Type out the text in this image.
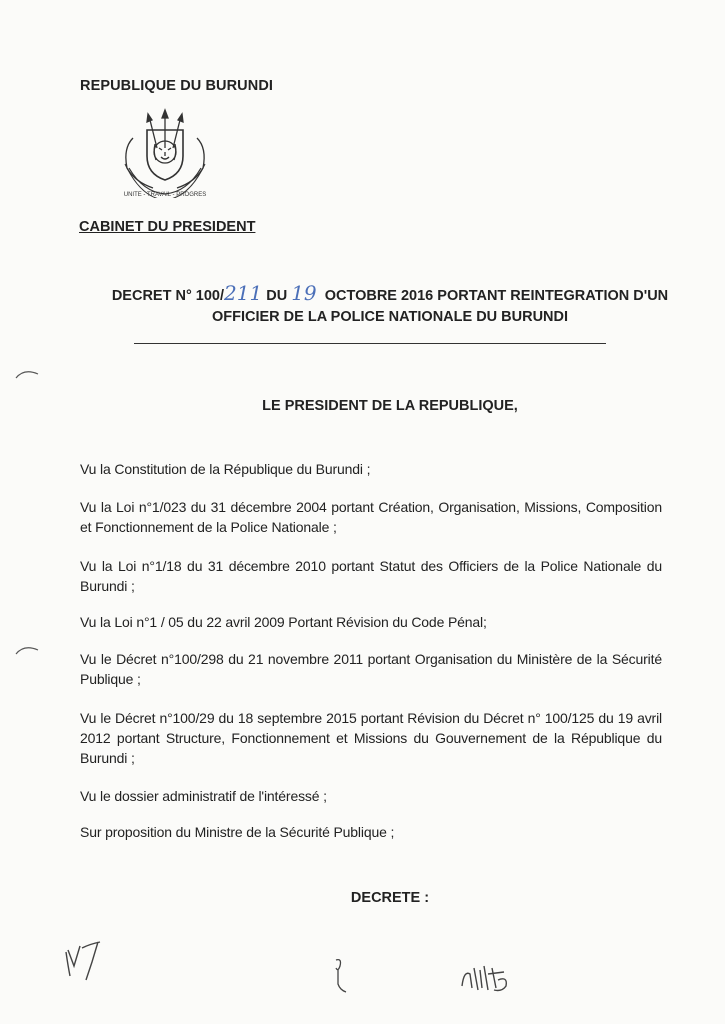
REPUBLIQUE DU BURUNDI
UNITE - TRAVAIL - PROGRES
CABINET DU PRESIDENT
DECRET N° 100/211 DU 19 OCTOBRE 2016 PORTANT REINTEGRATION D'UN
OFFICIER DE LA POLICE NATIONALE DU BURUNDI
LE PRESIDENT DE LA REPUBLIQUE,
Vu la Constitution de la République du Burundi ;
Vu la Loi n°1/023 du 31 décembre 2004 portant Création, Organisation, Missions, Composition et Fonctionnement de la Police Nationale ;
Vu la Loi n°1/18 du 31 décembre 2010 portant Statut des Officiers de la Police Nationale du Burundi ;
Vu la Loi n°1 / 05 du 22 avril 2009 Portant Révision du Code Pénal;
Vu le Décret n°100/298 du 21 novembre 2011 portant Organisation du Ministère de la Sécurité Publique ;
Vu le Décret n°100/29 du 18 septembre 2015 portant Révision du Décret n° 100/125 du 19 avril 2012 portant Structure, Fonctionnement et Missions du Gouvernement de la République du Burundi ;
Vu le dossier administratif de l'intéressé ;
Sur proposition du Ministre de la Sécurité Publique ;
DECRETE :
